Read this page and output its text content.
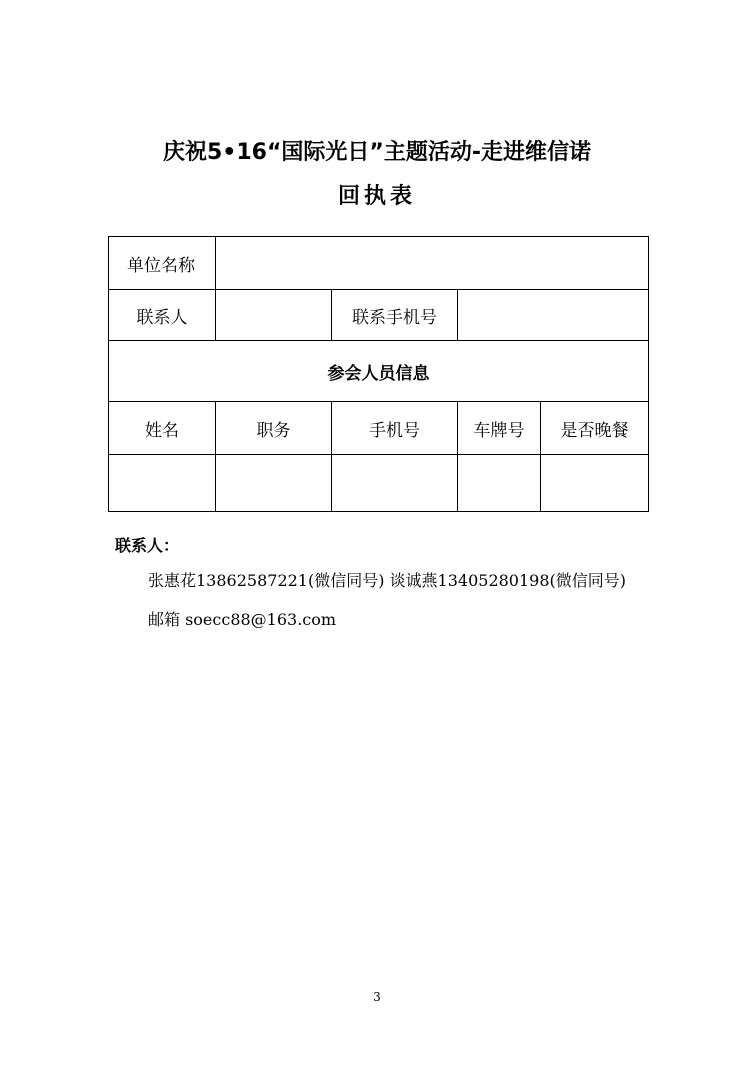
庆祝5•16“国际光日”主题活动-走进维信诺
回执表
单位名称				
联系人		联系手机号		
参会人员信息				
姓名	职务	手机号	车牌号	是否晚餐

联系人：

张惠花13862587221(微信同号) 谈诚燕13405280198(微信同号)

邮箱 soecc88@163.com

3
